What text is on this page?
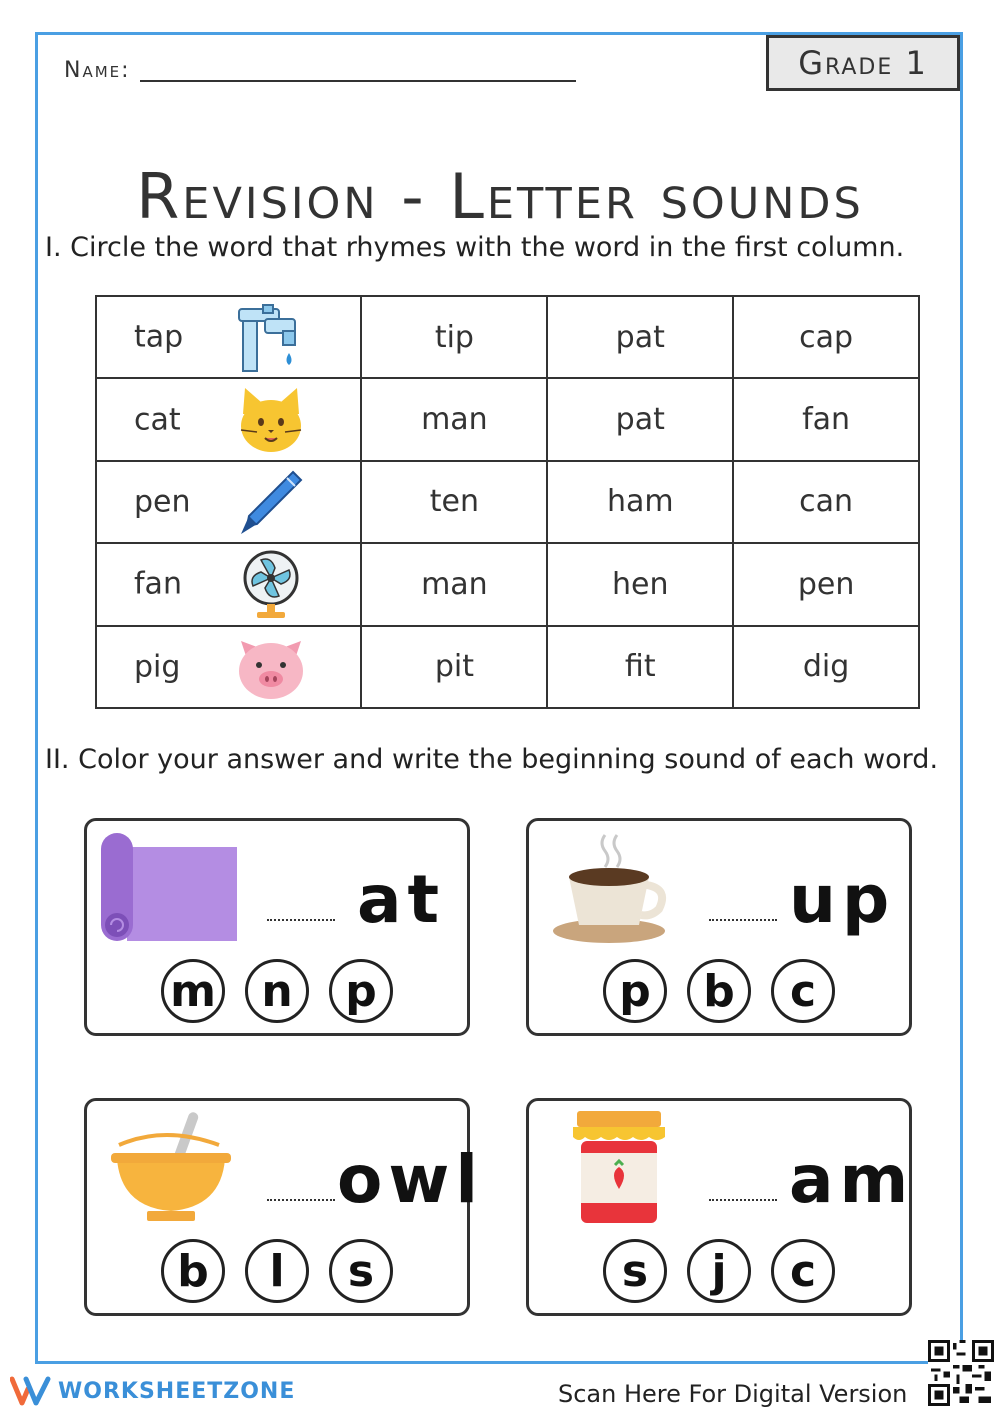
Name:	Grade 1
Revision - Letter sounds
I. Circle the word that rhymes with the word in the first column.
tap	tip	pat	cap

cat	man	pat	fan

pen	ten	ham	can

fan	man	hen	pen

pig	pit	fit	dig
II. Color your answer and write the beginning sound of each word.
at
m	n	p
up
p	b	c
owl
b	l	s
am
s	j	c
WORKSHEETZONE	Scan Here For Digital Version
